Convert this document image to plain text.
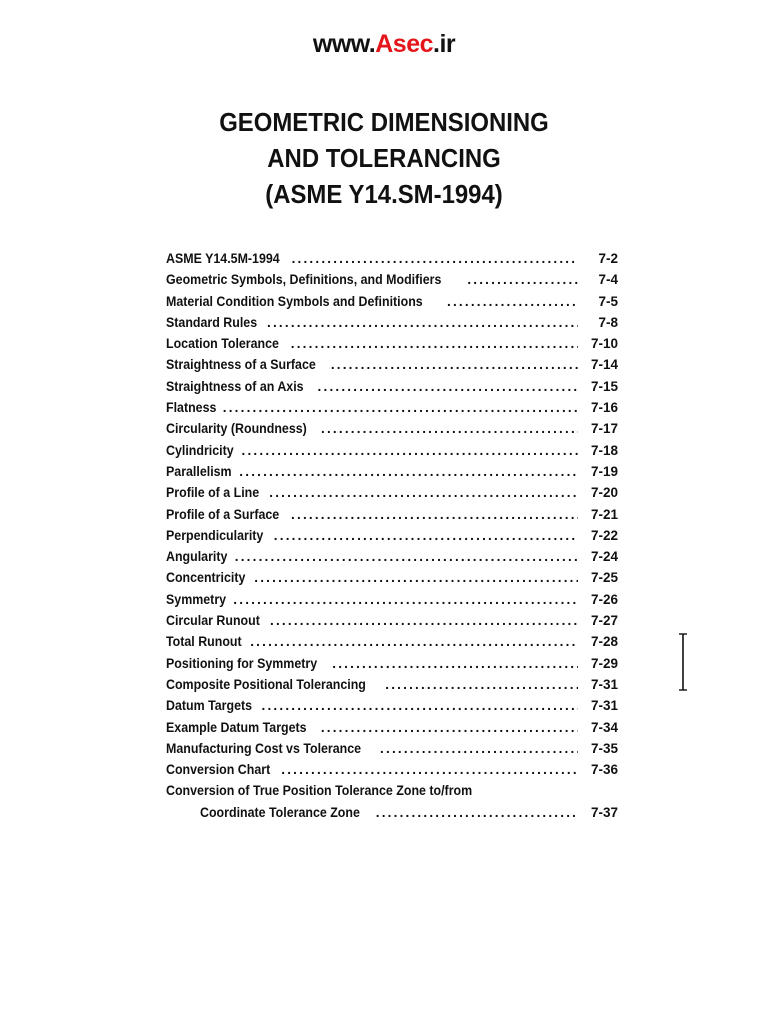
www.Asec.ir
GEOMETRIC DIMENSIONING
AND TOLERANCING
(ASME Y14.SM-1994)
ASME Y14.5M-1994 .....	7-2
Geometric Symbols, Definitions, and Modifiers .....	7-4
Material Condition Symbols and Definitions .....	7-5
Standard Rules .....	7-8
Location Tolerance .....	7-10
Straightness of a Surface .....	7-14
Straightness of an Axis .....	7-15
Flatness .....	7-16
Circularity (Roundness) .....	7-17
Cylindricity .....	7-18
Parallelism .....	7-19
Profile of a Line .....	7-20
Profile of a Surface .....	7-21
Perpendicularity .....	7-22
Angularity .....	7-24
Concentricity .....	7-25
Symmetry .....	7-26
Circular Runout .....	7-27
Total Runout .....	7-28
Positioning for Symmetry .....	7-29
Composite Positional Tolerancing .....	7-31
Datum Targets .....	7-31
Example Datum Targets .....	7-34
Manufacturing Cost vs Tolerance .....	7-35
Conversion Chart .....	7-36
Conversion of True Position Tolerance Zone to/from
Coordinate Tolerance Zone .....	7-37
